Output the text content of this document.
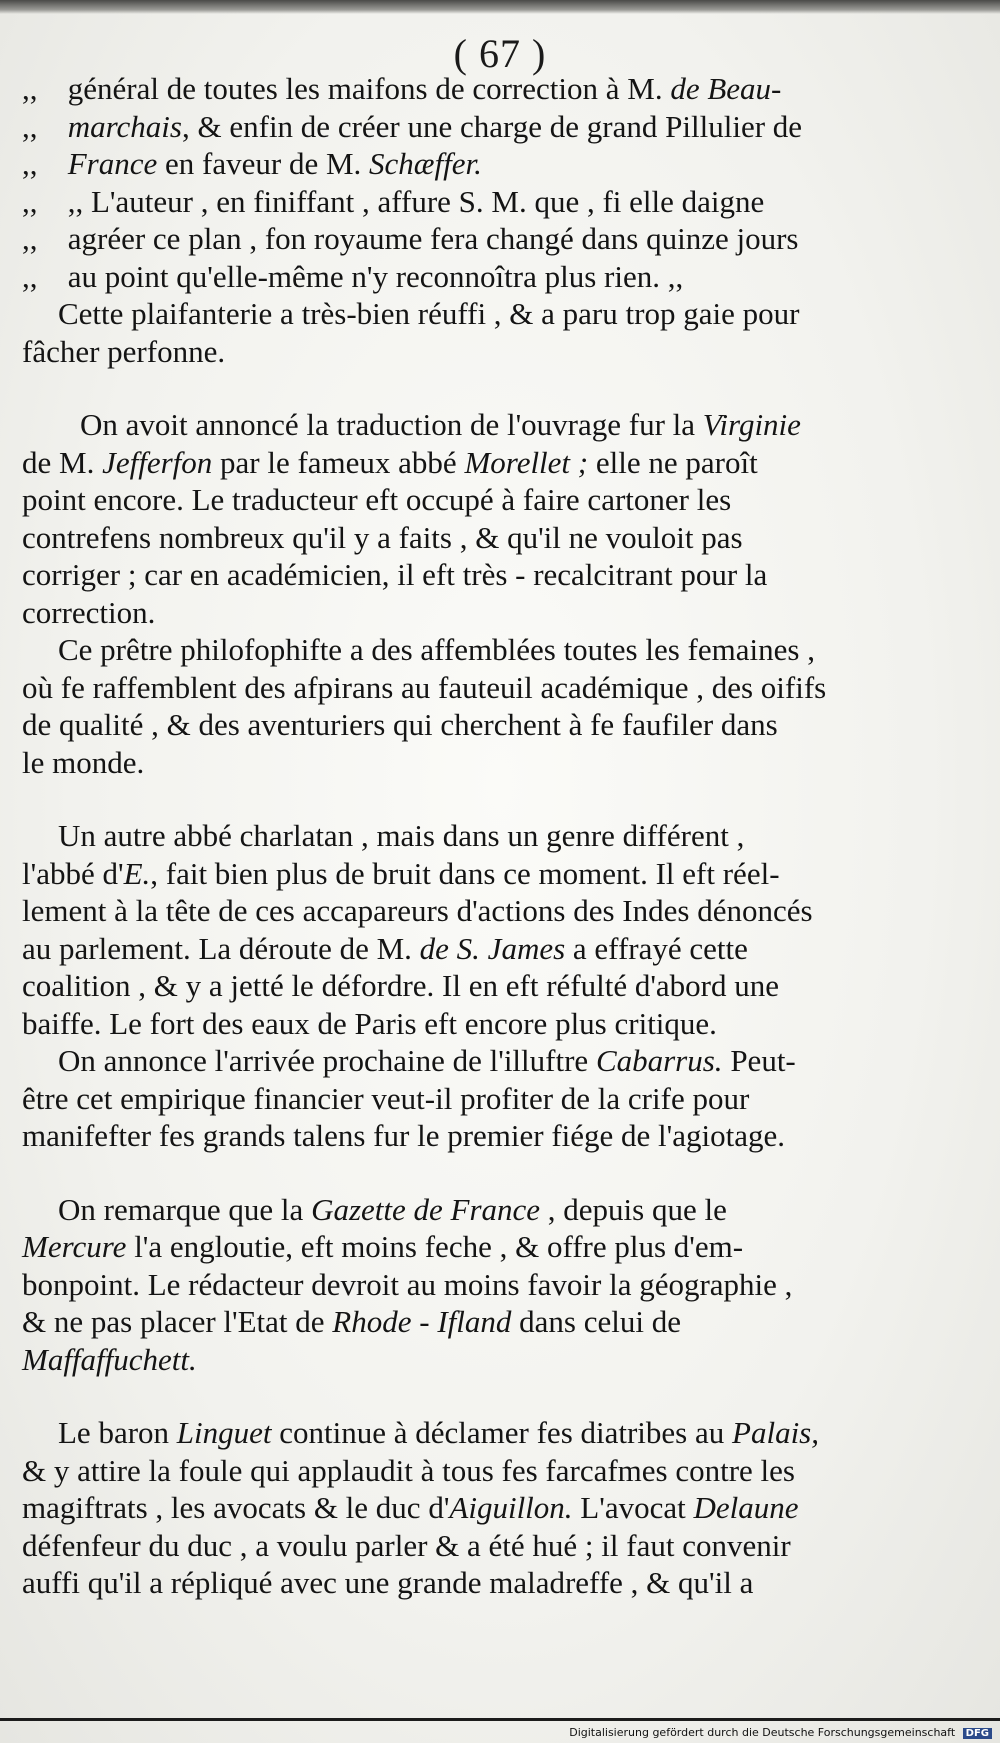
( 67 )
,, général de toutes les maifons de correction à M. de Beau-
,, marchais, & enfin de créer une charge de grand Pillulier de
,, France en faveur de M. Schæffer.
,, ,, L'auteur , en finiffant , affure S. M. que , fi elle daigne
,, agréer ce plan , fon royaume fera changé dans quinze jours
,, au point qu'elle-même n'y reconnoîtra plus rien. ,,
Cette plaifanterie a très-bien réuffi , & a paru trop gaie pour
fâcher perfonne.
On avoit annoncé la traduction de l'ouvrage fur la Virginie
de M. Jefferfon par le fameux abbé Morellet ; elle ne paroît
point encore. Le traducteur eft occupé à faire cartoner les
contrefens nombreux qu'il y a faits , & qu'il ne vouloit pas
corriger ; car en académicien, il eft très - recalcitrant pour la
correction.
Ce prêtre philofophifte a des affemblées toutes les femaines ,
où fe raffemblent des afpirans au fauteuil académique , des oififs
de qualité , & des aventuriers qui cherchent à fe faufiler dans
le monde.
Un autre abbé charlatan , mais dans un genre différent ,
l'abbé d'E., fait bien plus de bruit dans ce moment. Il eft réel-
lement à la tête de ces accapareurs d'actions des Indes dénoncés
au parlement. La déroute de M. de S. James a effrayé cette
coalition , & y a jetté le défordre. Il en eft réfulté d'abord une
baiffe. Le fort des eaux de Paris eft encore plus critique.
On annonce l'arrivée prochaine de l'illuftre Cabarrus. Peut-
être cet empirique financier veut-il profiter de la crife pour
manifefter fes grands talens fur le premier fiége de l'agiotage.
On remarque que la Gazette de France , depuis que le
Mercure l'a engloutie, eft moins feche , & offre plus d'em-
bonpoint. Le rédacteur devroit au moins favoir la géographie ,
& ne pas placer l'Etat de Rhode - Ifland dans celui de
Maffaffuchett.
Le baron Linguet continue à déclamer fes diatribes au Palais,
& y attire la foule qui applaudit à tous fes farcafmes contre les
magiftrats , les avocats & le duc d'Aiguillon. L'avocat Delaune
défenfeur du duc , a voulu parler & a été hué ; il faut convenir
auffi qu'il a répliqué avec une grande maladreffe , & qu'il a
Digitalisierung gefördert durch die Deutsche Forschungsgemeinschaft DFG
